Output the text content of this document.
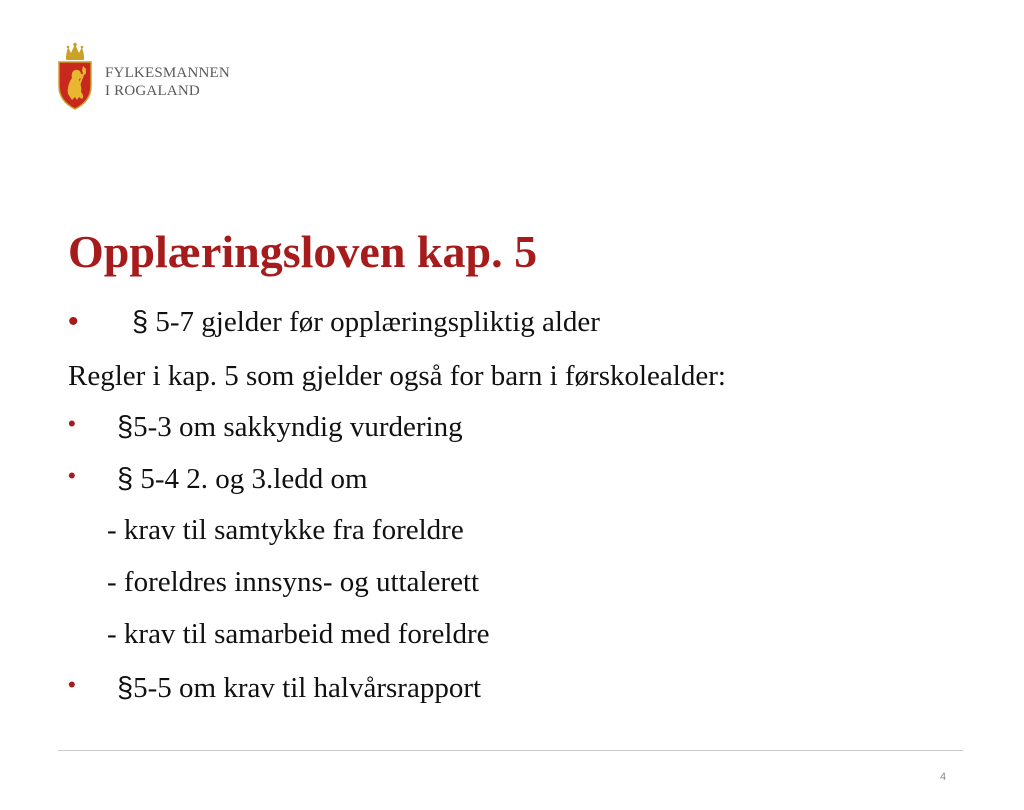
FYLKESMANNEN
I ROGALAND
Opplæringsloven kap. 5
• § 5-7 gjelder før opplæringspliktig alder
Regler i kap. 5 som gjelder også for barn i førskolealder:
• §5-3 om sakkyndig vurdering
• § 5-4 2. og 3.ledd om
- krav til samtykke fra foreldre
- foreldres innsyns- og uttalerett
- krav til samarbeid med foreldre
• §5-5 om krav til halvårsrapport
4
